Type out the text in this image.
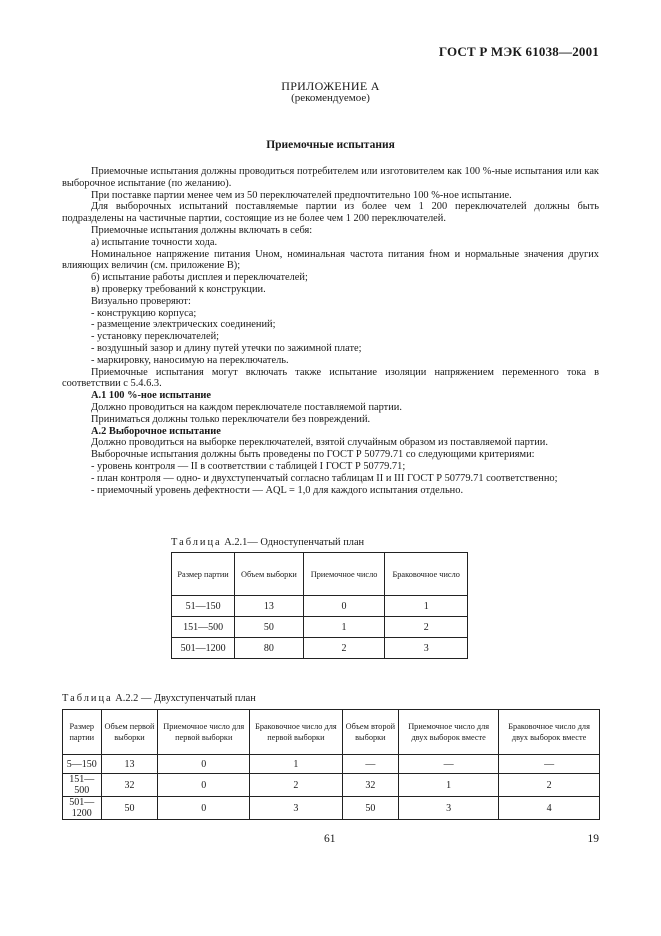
ГОСТ Р МЭК 61038—2001
ПРИЛОЖЕНИЕ А
(рекомендуемое)
Приемочные испытания

Приемочные испытания должны проводиться потребителем или изготовителем как 100 %-ные испытания или как выборочное испытание (по желанию).

При поставке партии менее чем из 50 переключателей предпочтительно 100 %-ное испытание.

Для выборочных испытаний поставляемые партии из более чем 1 200 переключателей должны быть подразделены на частичные партии, состоящие из не более чем 1 200 переключателей.

Приемочные испытания должны включать в себя:

а) испытание точности хода.

Номинальное напряжение питания Uном, номинальная частота питания fном и нормальные значения других влияющих величин (см. приложение В);

б) испытание работы дисплея и переключателей;

в) проверку требований к конструкции.

Визуально проверяют:

- конструкцию корпуса;

- размещение электрических соединений;

- установку переключателей;

- воздушный зазор и длину путей утечки по зажимной плате;

- маркировку, наносимую на переключатель.

Приемочные испытания могут включать также испытание изоляции напряжением переменного тока в соответствии с 5.4.6.3.

А.1 100 %-ное испытание

Должно проводиться на каждом переключателе поставляемой партии.

Приниматься должны только переключатели без повреждений.

А.2 Выборочное испытание

Должно проводиться на выборке переключателей, взятой случайным образом из поставляемой партии.

Выборочные испытания должны быть проведены по ГОСТ Р 50779.71 со следующими критериями:

- уровень контроля — II в соответствии с таблицей I ГОСТ Р 50779.71;

- план контроля — одно- и двухступенчатый согласно таблицам II и III ГОСТ Р 50779.71 соответственно;

- приемочный уровень дефектности — AQL = 1,0 для каждого испытания отдельно.

Таблица A.2.1— Одноступенчатый план
Размер партии	Объем выборки	Приемочное число	Браковочное число
51—150	13	0	1
151—500	50	1	2
501—1200	80	2	3
Таблица A.2.2 — Двухступенчатый план
Размер партии	Объем первой выборки	Приемочное число для первой выборки	Браковочное число для первой выборки	Объем второй выборки	Приемочное число для двух выборок вместе	Браковочное число для двух выборок вместе
5—150	13	0	1	—	—	—
151—500	32	0	2	32	1	2
501—1200	50	0	3	50	3	4
61	19
